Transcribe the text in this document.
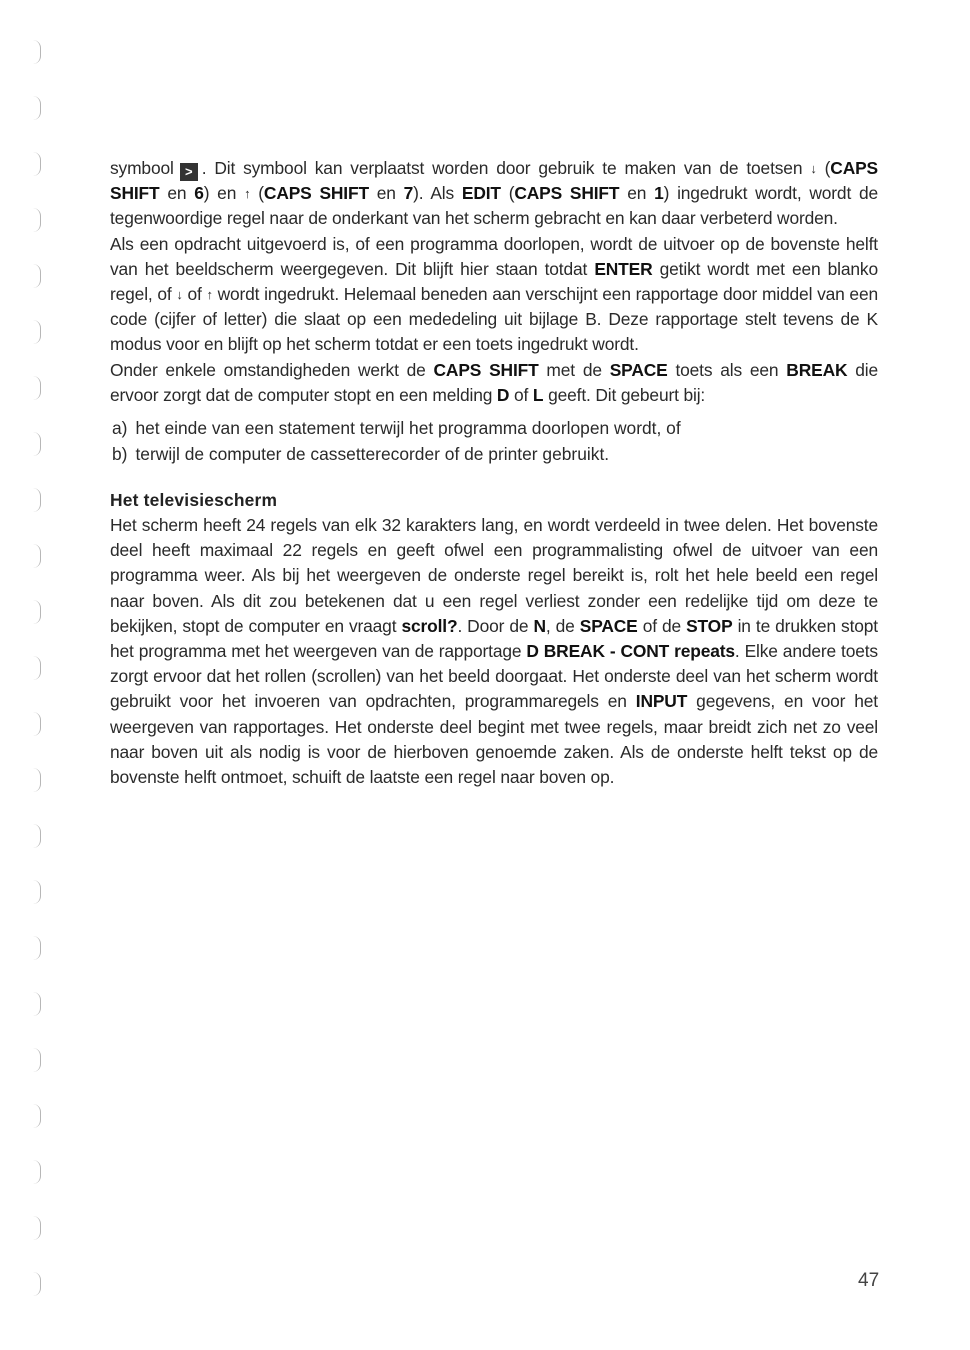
symbool > . Dit symbool kan verplaatst worden door gebruik te maken van de toetsen ↓ (CAPS SHIFT en 6) en ↑ (CAPS SHIFT en 7). Als EDIT (CAPS SHIFT en 1) ingedrukt wordt, wordt de tegenwoordige regel naar de onderkant van het scherm gebracht en kan daar verbeterd worden.

Als een opdracht uitgevoerd is, of een programma doorlopen, wordt de uitvoer op de bovenste helft van het beeldscherm weergegeven. Dit blijft hier staan totdat ENTER getikt wordt met een blanko regel, of ↓ of ↑ wordt ingedrukt. Helemaal beneden aan verschijnt een rapportage door middel van een code (cijfer of letter) die slaat op een mededeling uit bijlage B. Deze rapportage stelt tevens de K modus voor en blijft op het scherm totdat er een toets ingedrukt wordt.

Onder enkele omstandigheden werkt de CAPS SHIFT met de SPACE toets als een BREAK die ervoor zorgt dat de computer stopt en een melding D of L geeft. Dit gebeurt bij:

a) het einde van een statement terwijl het programma doorlopen wordt, of
b) terwijl de computer de cassetterecorder of de printer gebruikt.
Het televisiescherm

Het scherm heeft 24 regels van elk 32 karakters lang, en wordt verdeeld in twee delen. Het bovenste deel heeft maximaal 22 regels en geeft ofwel een programmalisting ofwel de uitvoer van een programma weer. Als bij het weergeven de onderste regel bereikt is, rolt het hele beeld een regel naar boven. Als dit zou betekenen dat u een regel verliest zonder een redelijke tijd om deze te bekijken, stopt de computer en vraagt scroll?. Door de N, de SPACE of de STOP in te drukken stopt het programma met het weergeven van de rapportage D BREAK - CONT repeats. Elke andere toets zorgt ervoor dat het rollen (scrollen) van het beeld doorgaat. Het onderste deel van het scherm wordt gebruikt voor het invoeren van opdrachten, programmaregels en INPUT gegevens, en voor het weergeven van rapportages. Het onderste deel begint met twee regels, maar breidt zich net zo veel naar boven uit als nodig is voor de hierboven genoemde zaken. Als de onderste helft tekst op de bovenste helft ontmoet, schuift de laatste een regel naar boven op.

47
